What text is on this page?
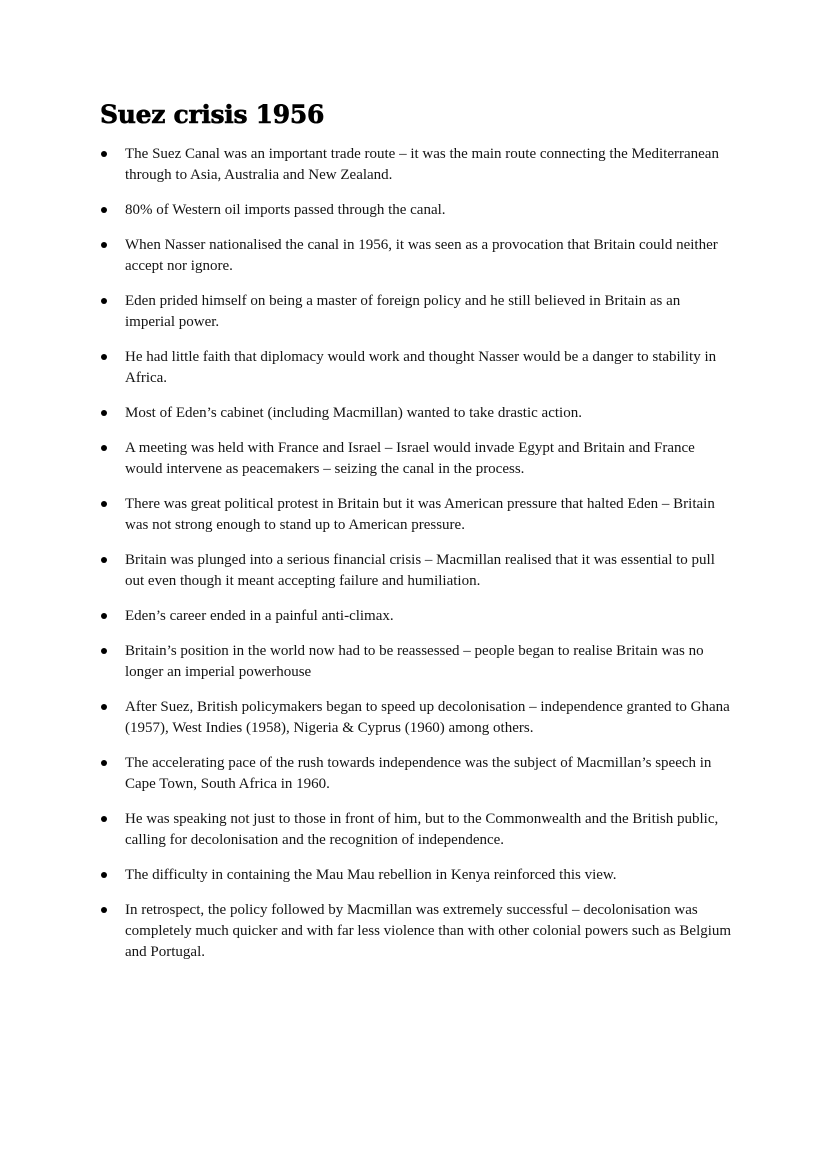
Suez crisis 1956
The Suez Canal was an important trade route – it was the main route connecting the Mediterranean through to Asia, Australia and New Zealand.
80% of Western oil imports passed through the canal.
When Nasser nationalised the canal in 1956, it was seen as a provocation that Britain could neither accept nor ignore.
Eden prided himself on being a master of foreign policy and he still believed in Britain as an imperial power.
He had little faith that diplomacy would work and thought Nasser would be a danger to stability in Africa.
Most of Eden’s cabinet (including Macmillan) wanted to take drastic action.
A meeting was held with France and Israel – Israel would invade Egypt and Britain and France would intervene as peacemakers – seizing the canal in the process.
There was great political protest in Britain but it was American pressure that halted Eden – Britain was not strong enough to stand up to American pressure.
Britain was plunged into a serious financial crisis – Macmillan realised that it was essential to pull out even though it meant accepting failure and humiliation.
Eden’s career ended in a painful anti-climax.
Britain’s position in the world now had to be reassessed – people began to realise Britain was no longer an imperial powerhouse
After Suez, British policymakers began to speed up decolonisation – independence granted to Ghana (1957), West Indies (1958), Nigeria & Cyprus (1960) among others.
The accelerating pace of the rush towards independence was the subject of Macmillan’s speech in Cape Town, South Africa in 1960.
He was speaking not just to those in front of him, but to the Commonwealth and the British public, calling for decolonisation and the recognition of independence.
The difficulty in containing the Mau Mau rebellion in Kenya reinforced this view.
In retrospect, the policy followed by Macmillan was extremely successful – decolonisation was completely much quicker and with far less violence than with other colonial powers such as Belgium and Portugal.
